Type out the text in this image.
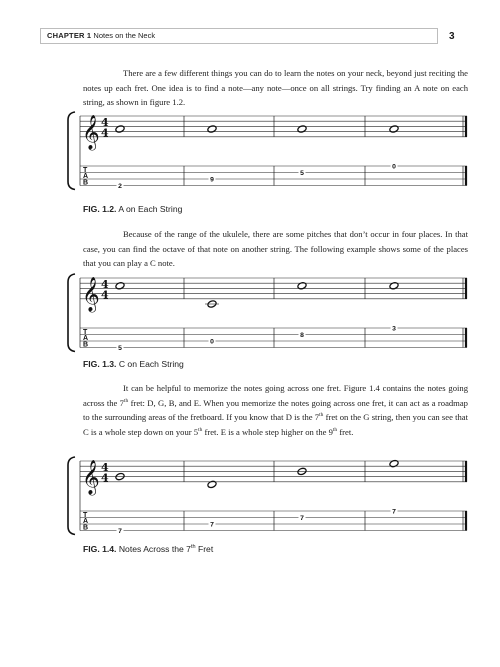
CHAPTER 1 Notes on the Neck	3

There are a few different things you can do to learn the notes on your neck, beyond just reciting the notes up each fret. One idea is to find a note—any note—once on all strings. Try finding an A note on each string, as shown in figure 1.2.

𝄞 4
4
T
A
B
2
9
5
0
FIG. 1.2. A on Each String

Because of the range of the ukulele, there are some pitches that don’t occur in four places. In that case, you can find the octave of that note on another string. The following example shows some of the places that you can play a C note.

𝄞 4
4
T
A
B
5
0
8
3
FIG. 1.3. C on Each String

It can be helpful to memorize the notes going across one fret. Figure 1.4 contains the notes going across the 7th fret: D, G, B, and E. When you memorize the notes going across one fret, it can act as a roadmap to the surrounding areas of the fretboard. If you know that D is the 7th fret on the G string, then you can see that C is a whole step down on your 5th fret. E is a whole step higher on the 9th fret.

𝄞 4
4
T
A
B
7
7
7
7
FIG. 1.4. Notes Across the 7th Fret
